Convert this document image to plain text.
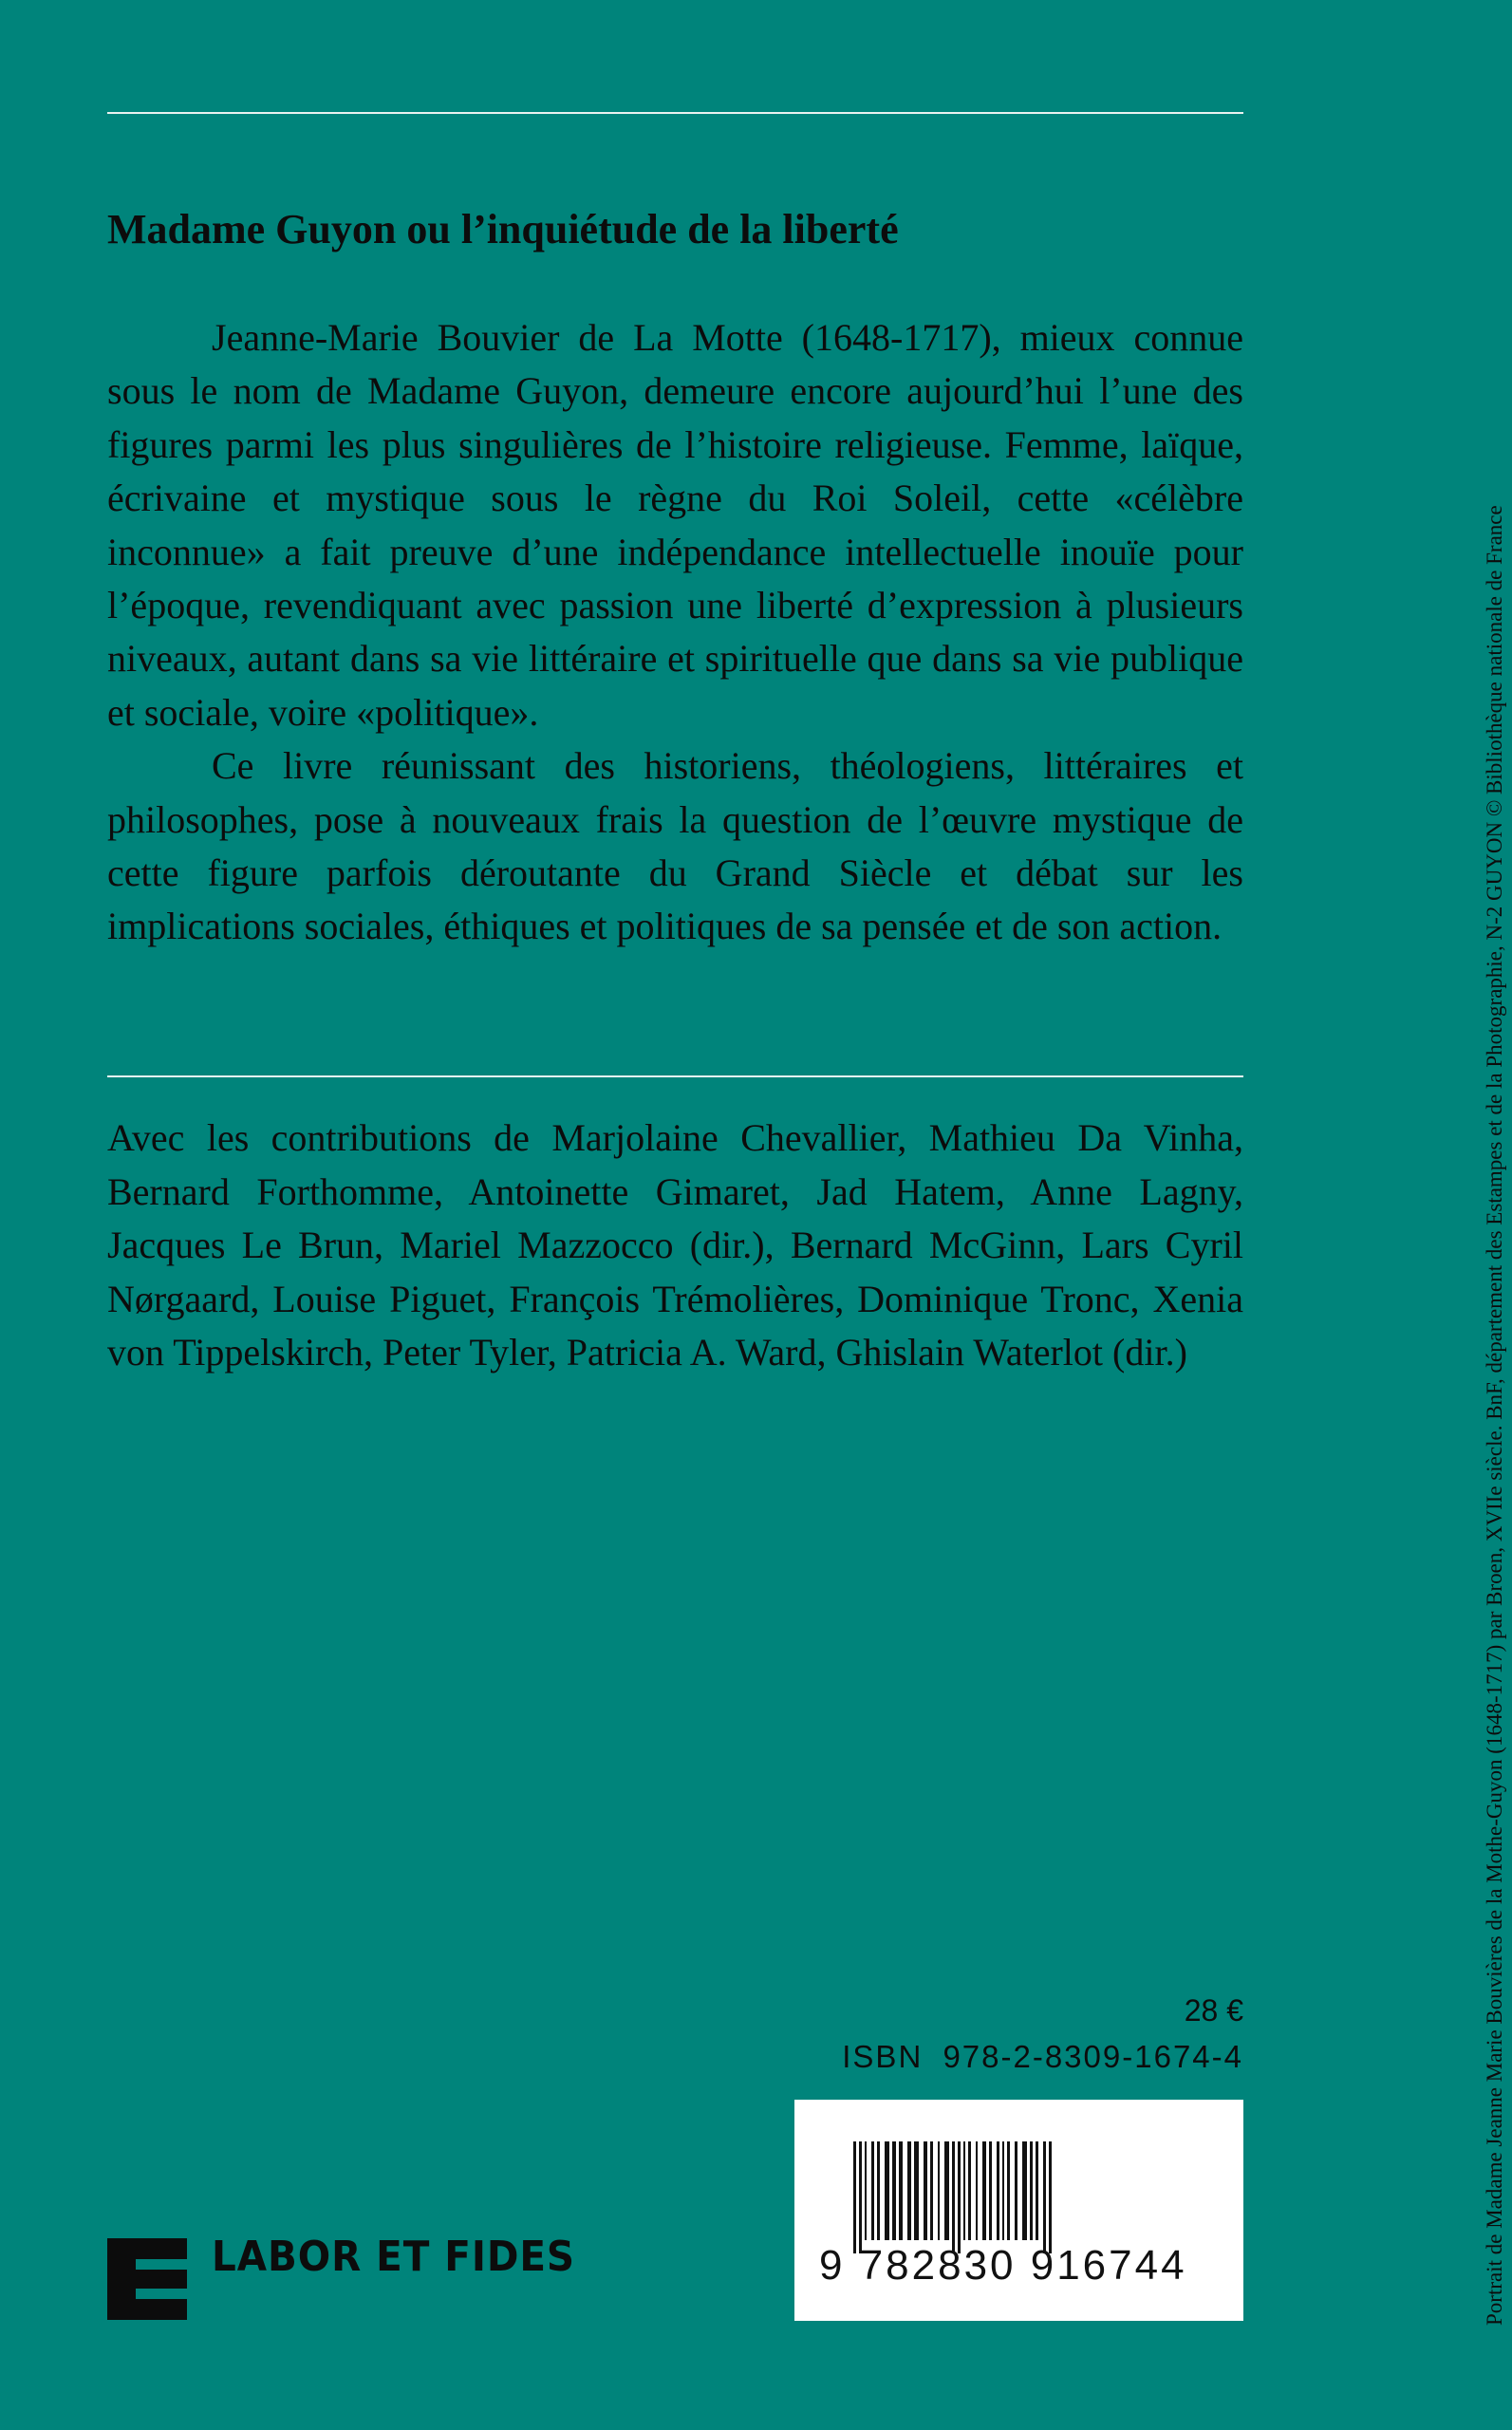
Madame Guyon ou l’inquiétude de la liberté

Jeanne-Marie Bouvier de La Motte (1648-1717), mieux connue sous le nom de Madame Guyon, demeure encore aujourd’hui l’une des figures parmi les plus singulières de l’histoire religieuse. Femme, laïque, écrivaine et mystique sous le règne du Roi Soleil, cette «célèbre inconnue» a fait preuve d’une indépendance intellectuelle inouïe pour l’époque, revendiquant avec passion une liberté d’expression à plusieurs niveaux, autant dans sa vie littéraire et spirituelle que dans sa vie publique et sociale, voire «politique».

Ce livre réunissant des historiens, théologiens, littéraires et philosophes, pose à nouveaux frais la question de l’œuvre mystique de cette figure parfois déroutante du Grand Siècle et débat sur les implications sociales, éthiques et politiques de sa pensée et de son action.

Avec les contributions de Marjolaine Chevallier, Mathieu Da Vinha, Bernard Forthomme, Antoinette Gimaret, Jad Hatem, Anne Lagny, Jacques Le Brun, Mariel Mazzocco (dir.), Bernard McGinn, Lars Cyril Nørgaard, Louise Piguet, François Trémolières, Dominique Tronc, Xenia von Tippelskirch, Peter Tyler, Patricia A. Ward, Ghislain Waterlot (dir.)

28 €
ISBN 978-2-8309-1674-4
9 782830 916744
LABOR ET FIDES	Portrait de Madame Jeanne Marie Bouvières de la Mothe-Guyon (1648-1717) par Broen, XVIIe siècle. BnF, département des Estampes et de la Photographie, N-2 GUYON © Bibliothèque nationale de France
